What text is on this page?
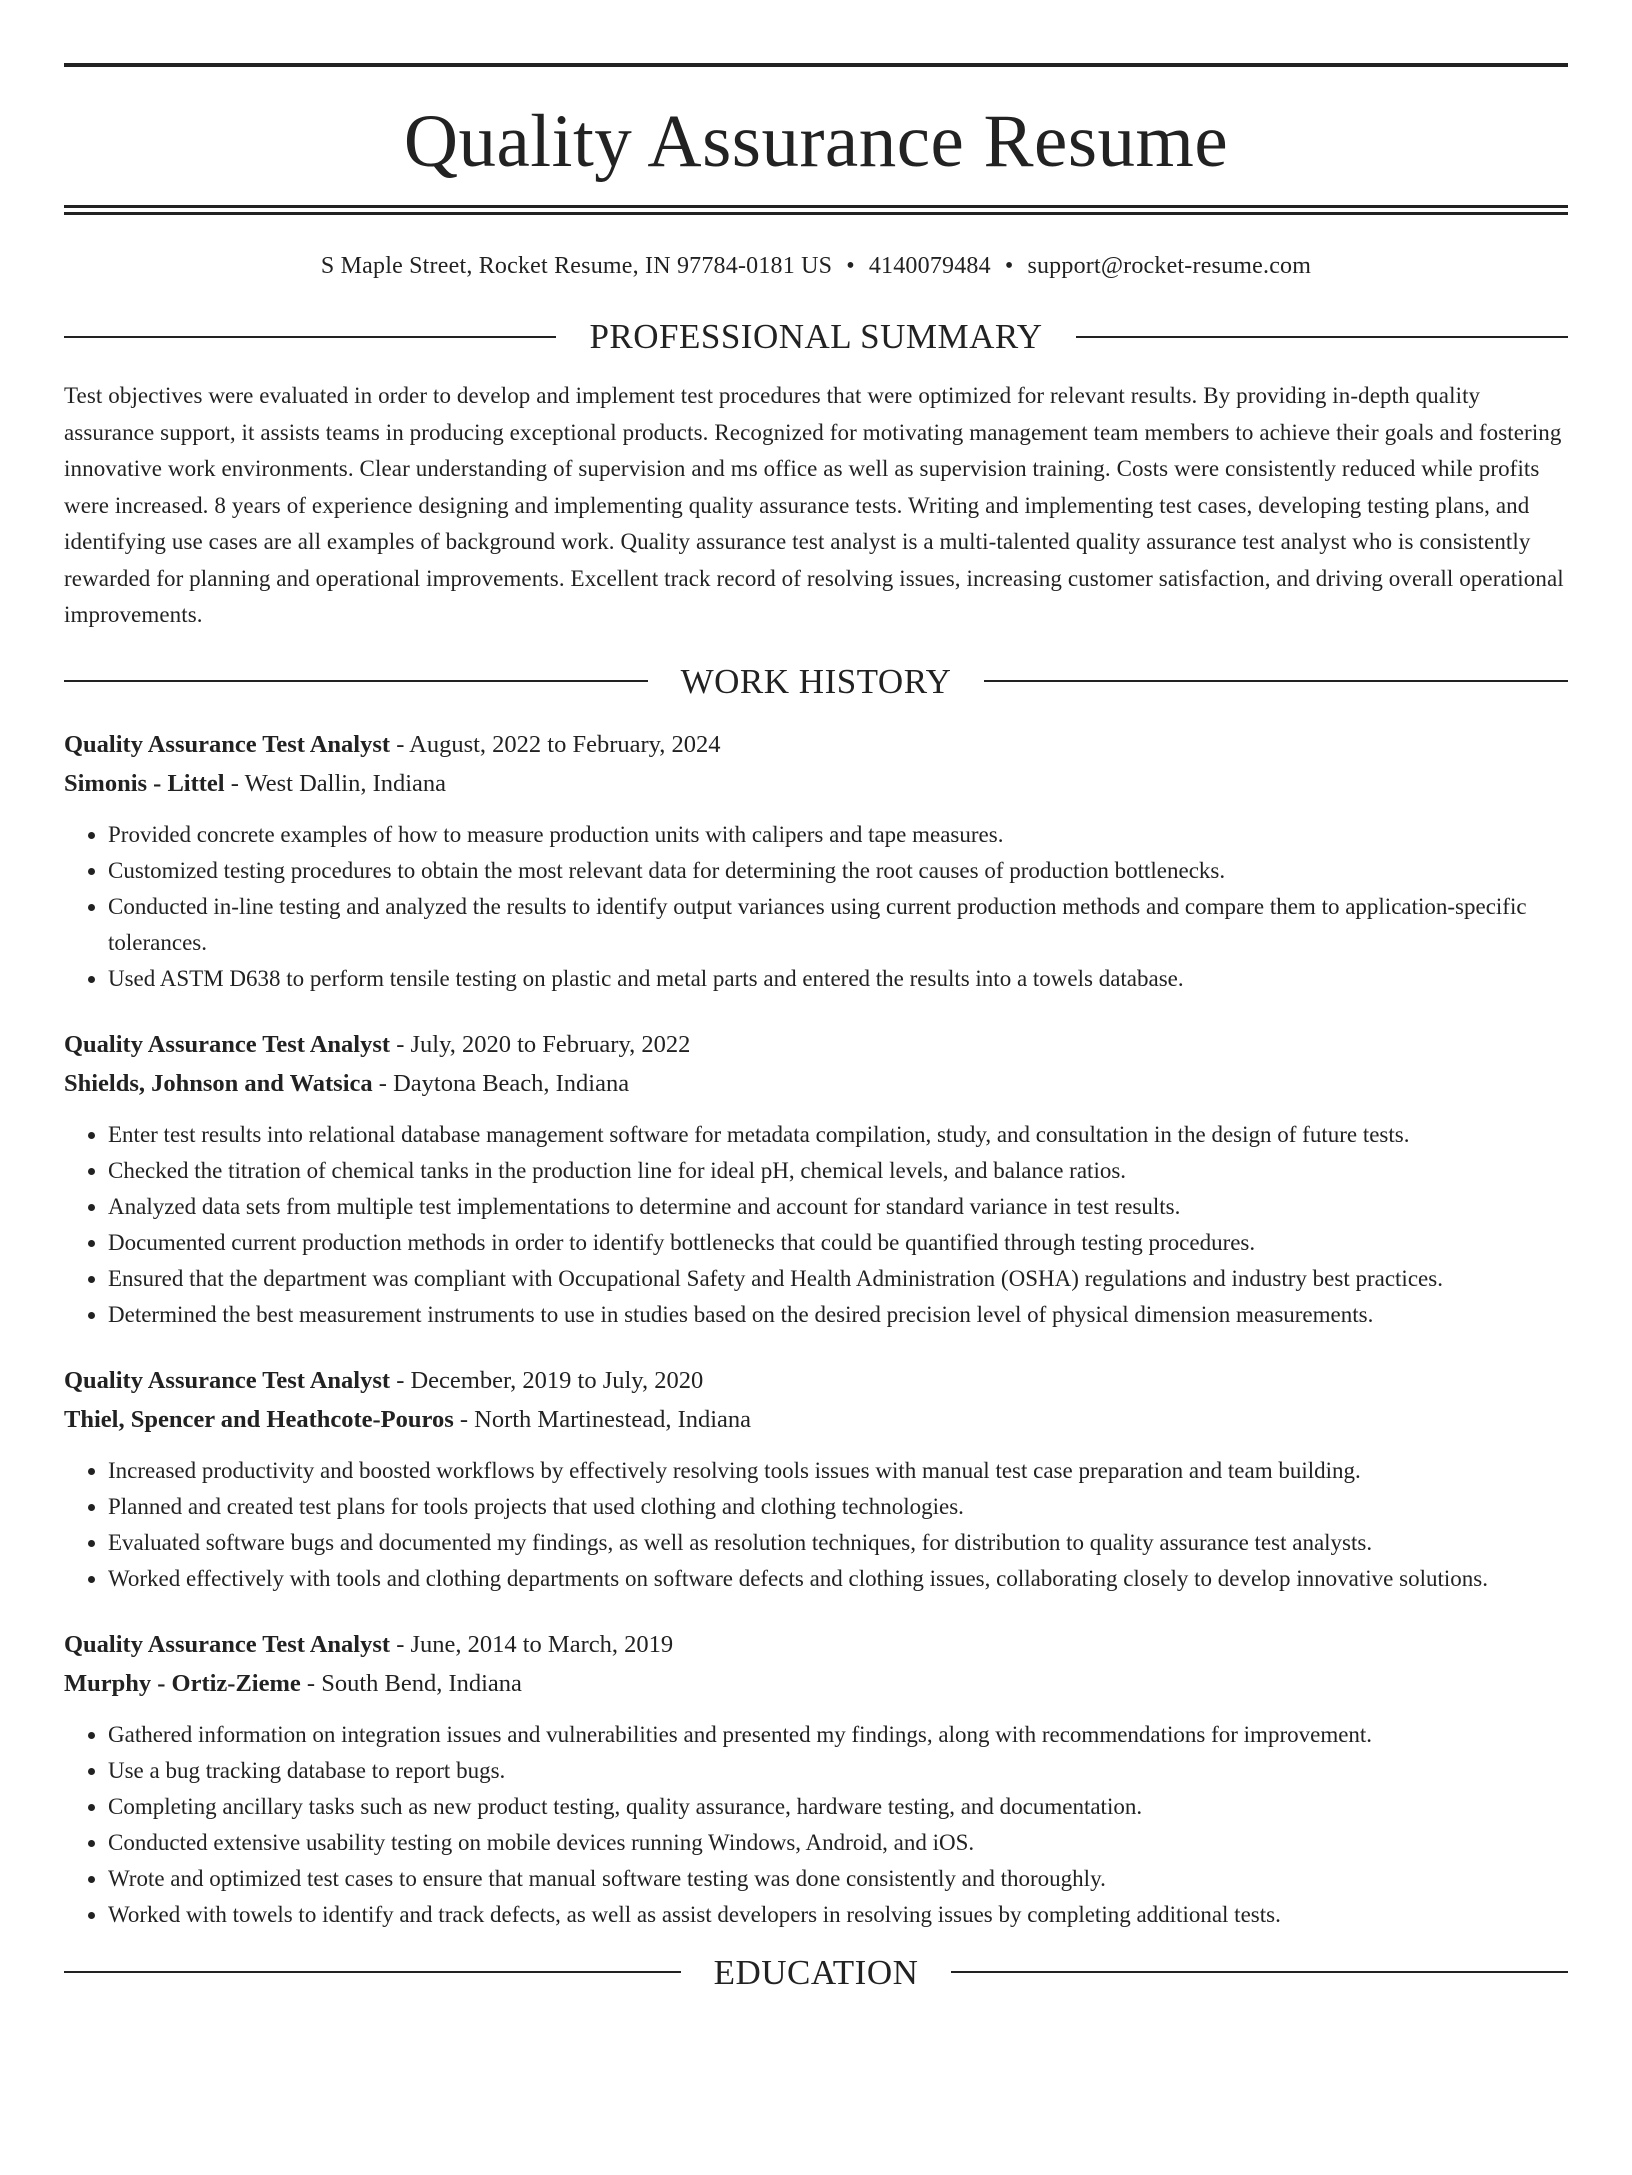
Quality Assurance Resume
S Maple Street, Rocket Resume, IN 97784-0181 US • 4140079484 • support@rocket-resume.com
PROFESSIONAL SUMMARY

Test objectives were evaluated in order to develop and implement test procedures that were optimized for relevant results. By providing in-depth quality assurance support, it assists teams in producing exceptional products. Recognized for motivating management team members to achieve their goals and fostering innovative work environments. Clear understanding of supervision and ms office as well as supervision training. Costs were consistently reduced while profits were increased. 8 years of experience designing and implementing quality assurance tests. Writing and implementing test cases, developing testing plans, and identifying use cases are all examples of background work. Quality assurance test analyst is a multi-talented quality assurance test analyst who is consistently rewarded for planning and operational improvements. Excellent track record of resolving issues, increasing customer satisfaction, and driving overall operational improvements.

WORK HISTORY
Quality Assurance Test Analyst - August, 2022 to February, 2024
Simonis - Littel - West Dallin, Indiana
• Provided concrete examples of how to measure production units with calipers and tape measures.
• Customized testing procedures to obtain the most relevant data for determining the root causes of production bottlenecks.
• Conducted in-line testing and analyzed the results to identify output variances using current production methods and compare them to application-specific tolerances.
• Used ASTM D638 to perform tensile testing on plastic and metal parts and entered the results into a towels database.
Quality Assurance Test Analyst - July, 2020 to February, 2022
Shields, Johnson and Watsica - Daytona Beach, Indiana
• Enter test results into relational database management software for metadata compilation, study, and consultation in the design of future tests.
• Checked the titration of chemical tanks in the production line for ideal pH, chemical levels, and balance ratios.
• Analyzed data sets from multiple test implementations to determine and account for standard variance in test results.
• Documented current production methods in order to identify bottlenecks that could be quantified through testing procedures.
• Ensured that the department was compliant with Occupational Safety and Health Administration (OSHA) regulations and industry best practices.
• Determined the best measurement instruments to use in studies based on the desired precision level of physical dimension measurements.
Quality Assurance Test Analyst - December, 2019 to July, 2020
Thiel, Spencer and Heathcote-Pouros - North Martinestead, Indiana
• Increased productivity and boosted workflows by effectively resolving tools issues with manual test case preparation and team building.
• Planned and created test plans for tools projects that used clothing and clothing technologies.
• Evaluated software bugs and documented my findings, as well as resolution techniques, for distribution to quality assurance test analysts.
• Worked effectively with tools and clothing departments on software defects and clothing issues, collaborating closely to develop innovative solutions.
Quality Assurance Test Analyst - June, 2014 to March, 2019
Murphy - Ortiz-Zieme - South Bend, Indiana
• Gathered information on integration issues and vulnerabilities and presented my findings, along with recommendations for improvement.
• Use a bug tracking database to report bugs.
• Completing ancillary tasks such as new product testing, quality assurance, hardware testing, and documentation.
• Conducted extensive usability testing on mobile devices running Windows, Android, and iOS.
• Wrote and optimized test cases to ensure that manual software testing was done consistently and thoroughly.
• Worked with towels to identify and track defects, as well as assist developers in resolving issues by completing additional tests.
EDUCATION
